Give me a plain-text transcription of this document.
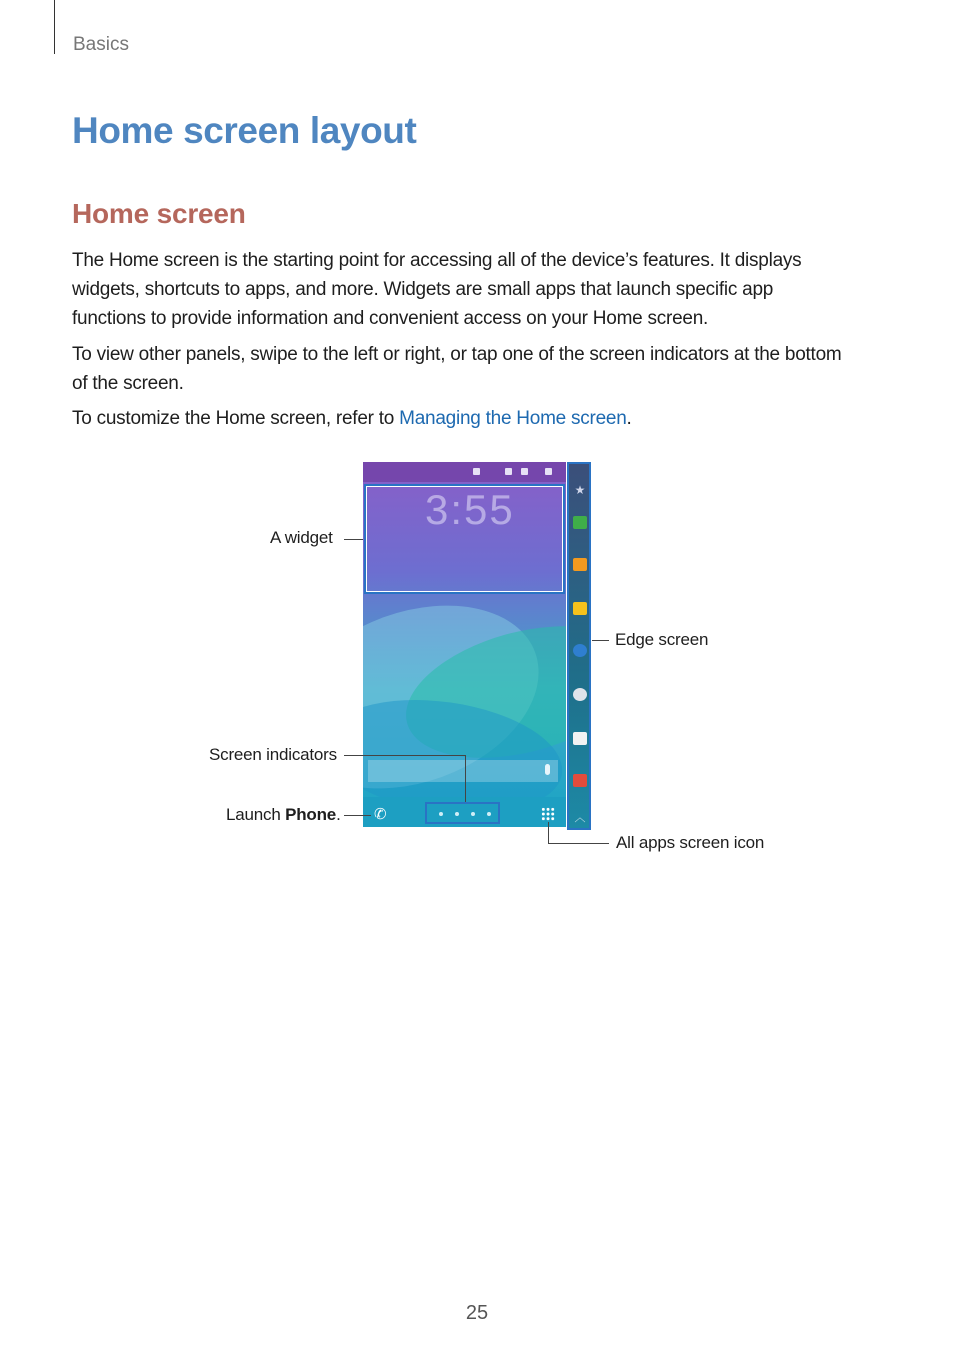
Basics
Home screen layout
Home screen

The Home screen is the starting point for accessing all of the device’s features. It displays widgets, shortcuts to apps, and more. Widgets are small apps that launch specific app functions to provide information and convenient access on your Home screen.

To view other panels, swipe to the left or right, or tap one of the screen indicators at the bottom of the screen.

To customize the Home screen, refer to Managing the Home screen.

3:55
✆
★
︿
A widget
Edge screen
Screen indicators
Launch Phone.
All apps screen icon
25
